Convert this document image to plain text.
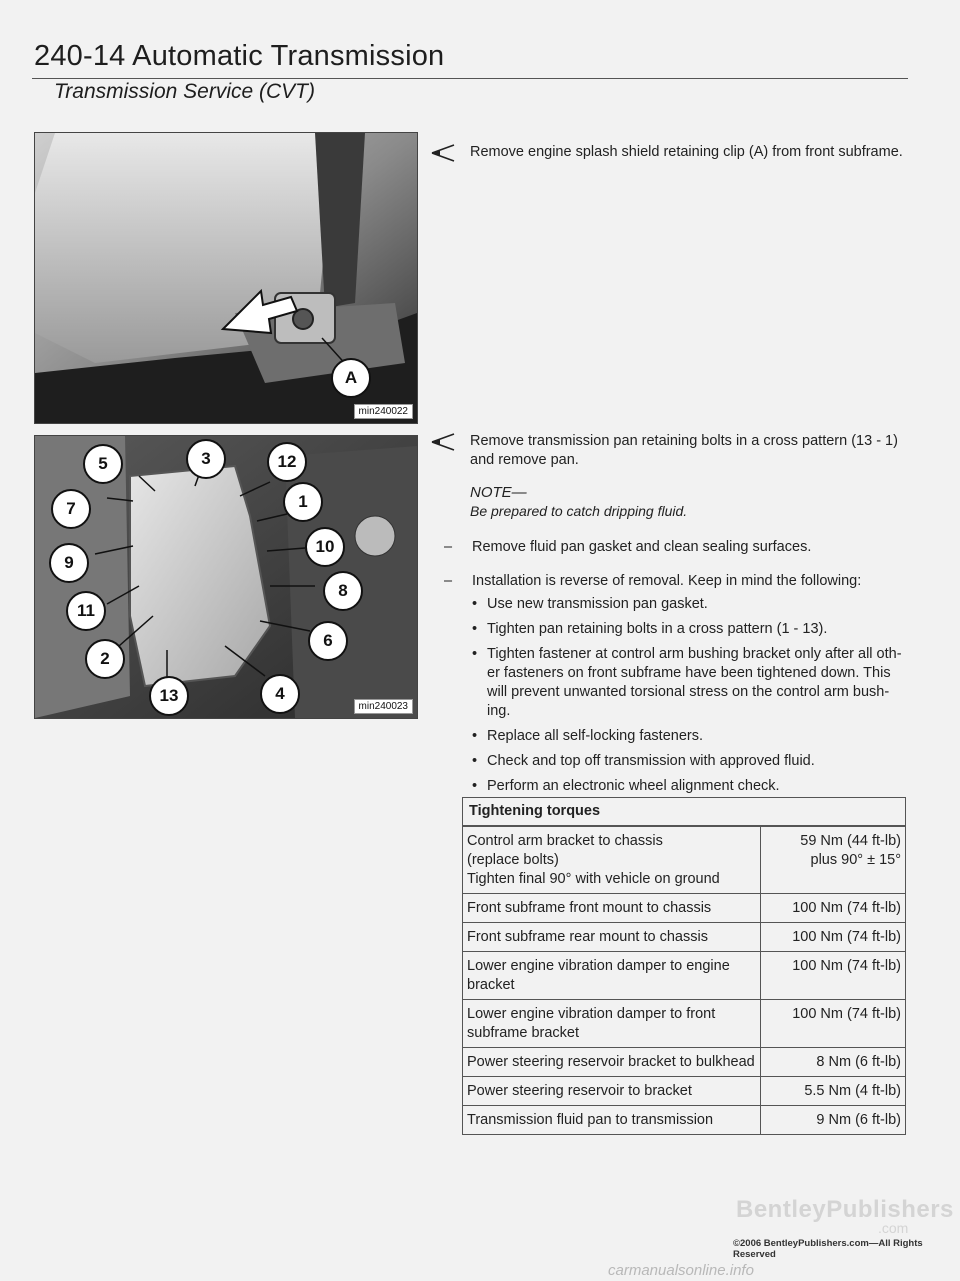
240-14 Automatic Transmission
Transmission Service (CVT)
A
min240022
5	3	12
7	1
9
10
8
11
6
2
4
13
min240023
Remove engine splash shield retaining clip (A) from front subframe.
Remove transmission pan retaining bolts in a cross pattern (13 - 1)
and remove pan.
NOTE—
Be prepared to catch dripping fluid.
–	Remove fluid pan gasket and clean sealing surfaces.
–	Installation is reverse of removal. Keep in mind the following:
• Use new transmission pan gasket.
• Tighten pan retaining bolts in a cross pattern (1 - 13).
• Tighten fastener at control arm bushing bracket only after all oth-
er fasteners on front subframe have been tightened down. This
will prevent unwanted torsional stress on the control arm bush-
ing.
• Replace all self-locking fasteners.
• Check and top off transmission with approved fluid.
• Perform an electronic wheel alignment check.
Tightening torques	

Control arm bracket to chassis
(replace bolts)
Tighten final 90° with vehicle on ground	59 Nm (44 ft-lb)
plus 90° ± 15°

Front subframe front mount to chassis	100 Nm (74 ft-lb)

Front subframe rear mount to chassis	100 Nm (74 ft-lb)

Lower engine vibration damper to engine
bracket	100 Nm (74 ft-lb)

Lower engine vibration damper to front
subframe bracket	100 Nm (74 ft-lb)

Power steering reservoir bracket to bulkhead	8 Nm (6 ft-lb)

Power steering reservoir to bracket	5.5 Nm (4 ft-lb)

Transmission fluid pan to transmission	9 Nm (6 ft-lb)
BentleyPublishers
.com
©2006 BentleyPublishers.com—All Rights Reserved
carmanualsonline.info
